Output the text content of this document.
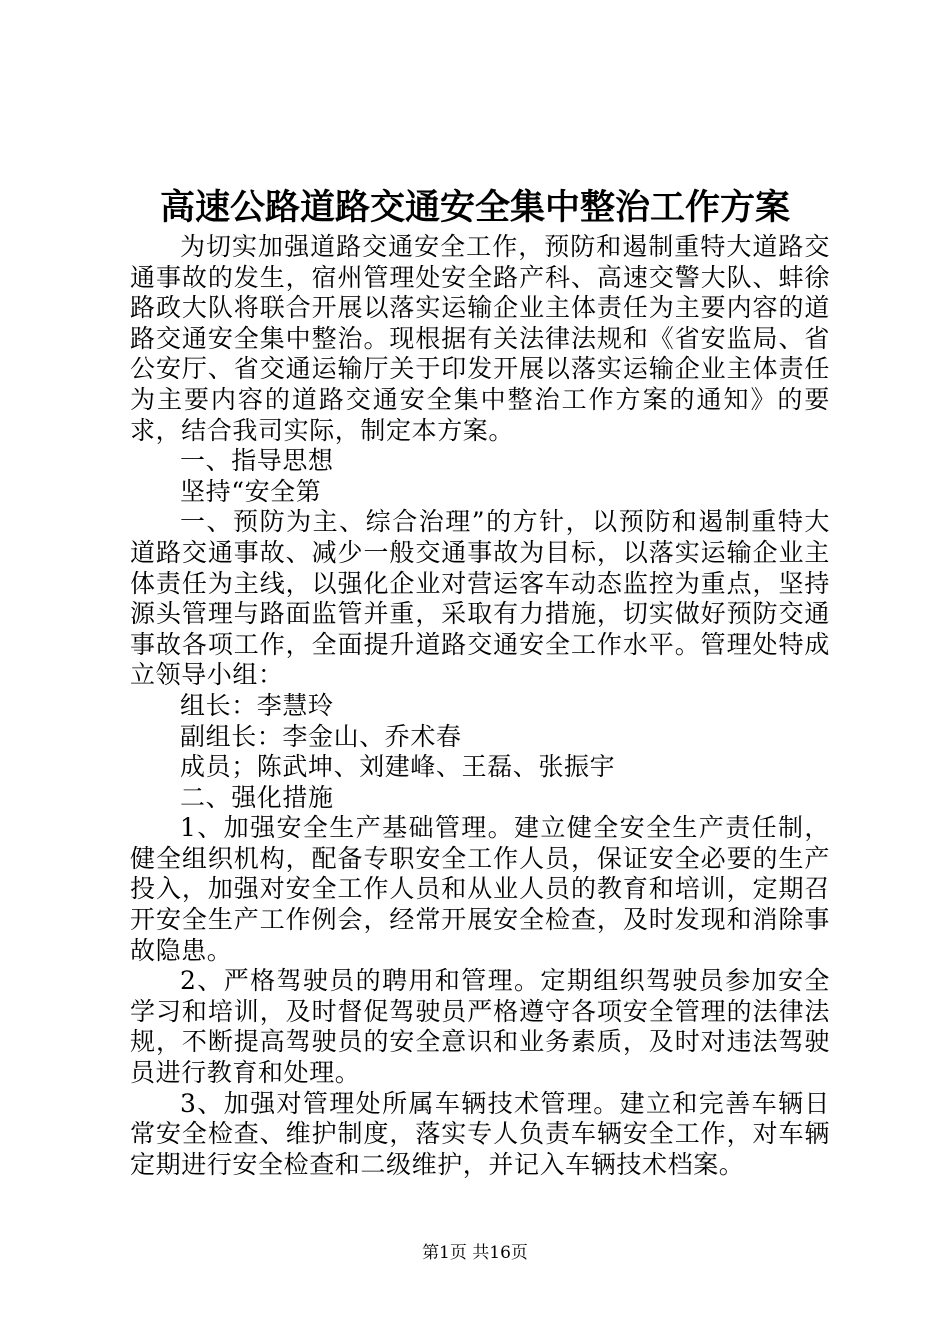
高速公路道路交通安全集中整治工作方案

为切实加强道路交通安全工作，预防和遏制重特大道路交通事故的发生，宿州管理处安全路产科、高速交警大队、蚌徐路政大队将联合开展以落实运输企业主体责任为主要内容的道路交通安全集中整治。现根据有关法律法规和《省安监局、省公安厅、省交通运输厅关于印发开展以落实运输企业主体责任为主要内容的道路交通安全集中整治工作方案的通知》的要求，结合我司实际，制定本方案。

一、指导思想

坚持“安全第

一、预防为主、综合治理”的方针，以预防和遏制重特大道路交通事故、减少一般交通事故为目标，以落实运输企业主体责任为主线，以强化企业对营运客车动态监控为重点，坚持源头管理与路面监管并重，采取有力措施，切实做好预防交通事故各项工作，全面提升道路交通安全工作水平。管理处特成立领导小组：

组长：李慧玲

副组长：李金山、乔术春

成员；陈武坤、刘建峰、王磊、张振宇

二、强化措施

1、加强安全生产基础管理。建立健全安全生产责任制，健全组织机构，配备专职安全工作人员，保证安全必要的生产投入，加强对安全工作人员和从业人员的教育和培训，定期召开安全生产工作例会，经常开展安全检查，及时发现和消除事故隐患。

2、严格驾驶员的聘用和管理。定期组织驾驶员参加安全学习和培训，及时督促驾驶员严格遵守各项安全管理的法律法规，不断提高驾驶员的安全意识和业务素质，及时对违法驾驶员进行教育和处理。

3、加强对管理处所属车辆技术管理。建立和完善车辆日常安全检查、维护制度，落实专人负责车辆安全工作，对车辆定期进行安全检查和二级维护，并记入车辆技术档案。

第1页 共16页
